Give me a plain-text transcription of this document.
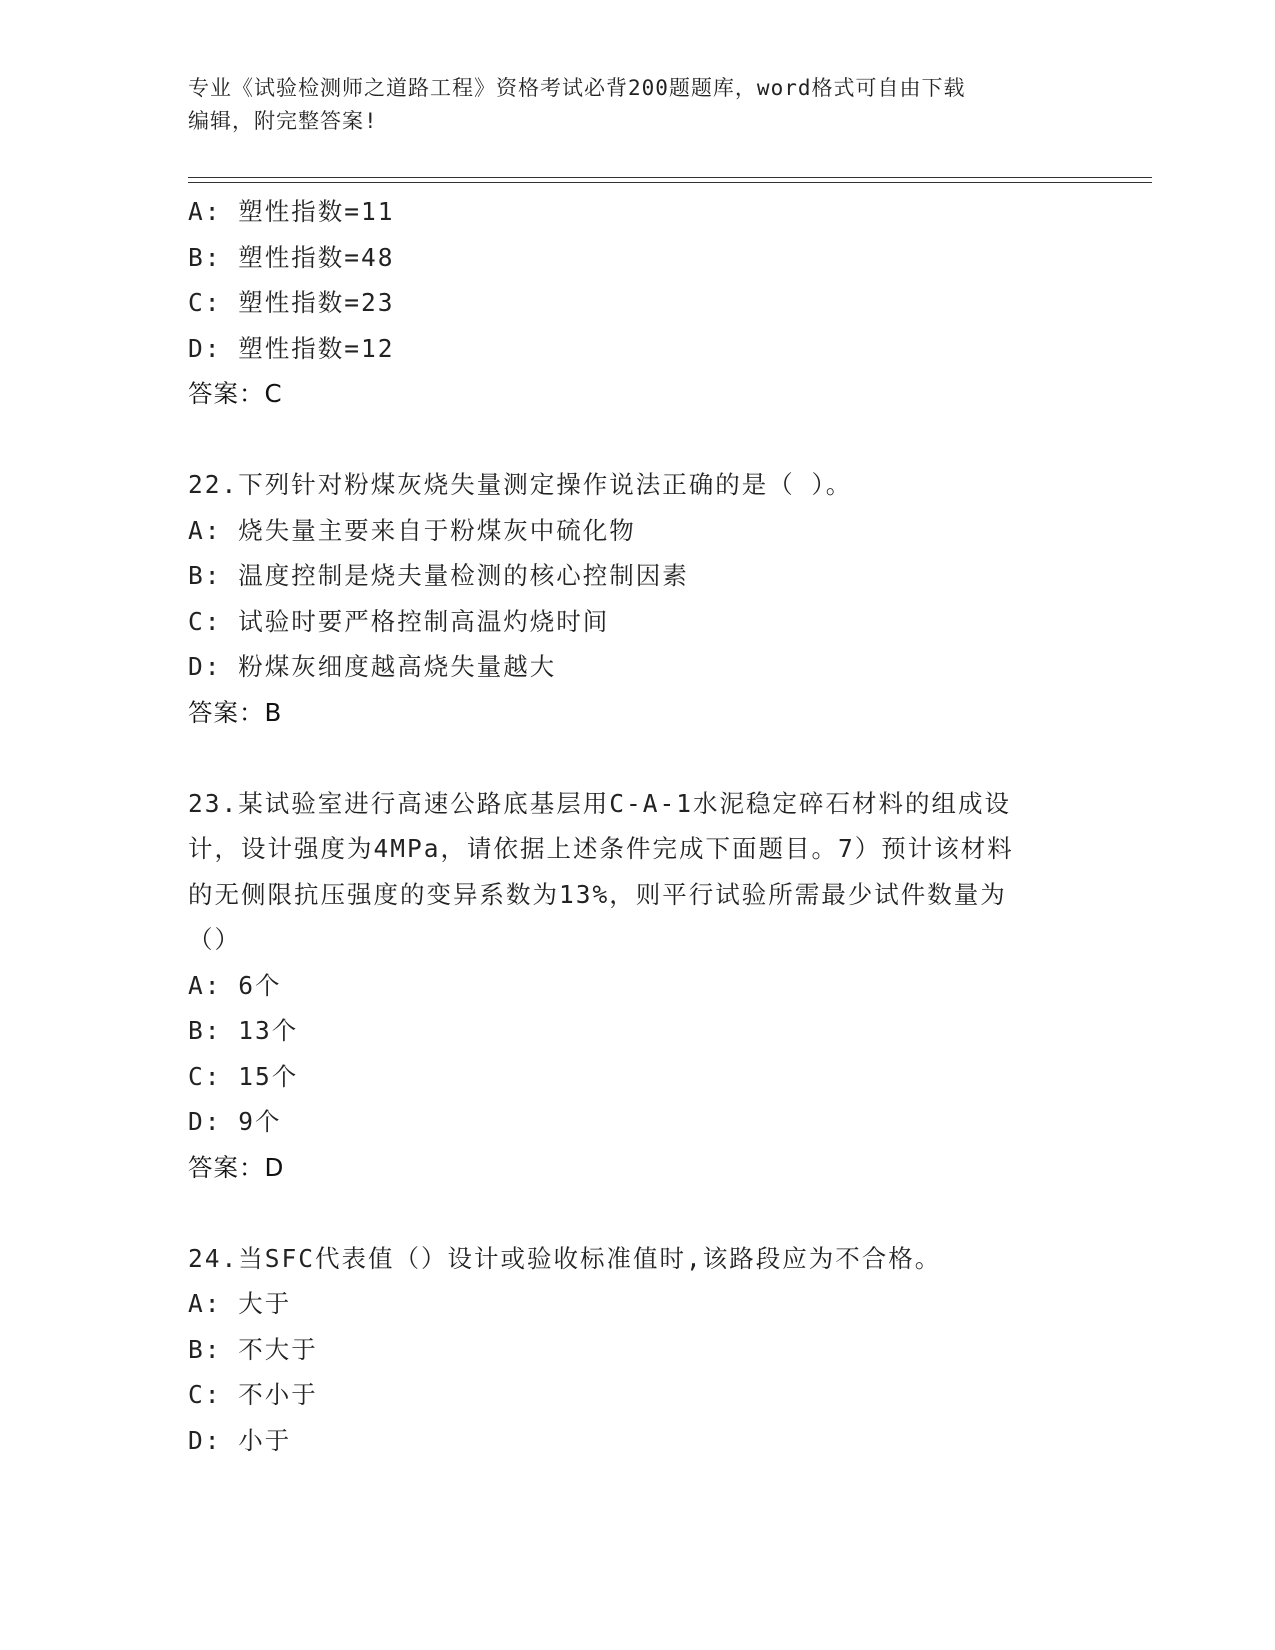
专业《试验检测师之道路工程》资格考试必背200题题库，word格式可自由下载
编辑，附完整答案!
A: 塑性指数=11
B: 塑性指数=48
C: 塑性指数=23
D: 塑性指数=12
答案：C
22.下列针对粉煤灰烧失量测定操作说法正确的是（ ）。
A: 烧失量主要来自于粉煤灰中硫化物
B: 温度控制是烧夫量检测的核心控制因素
C: 试验时要严格控制高温灼烧时间
D: 粉煤灰细度越高烧失量越大
答案：B
23.某试验室进行高速公路底基层用C-A-1水泥稳定碎石材料的组成设
计，设计强度为4MPa，请依据上述条件完成下面题目。7）预计该材料
的无侧限抗压强度的变异系数为13%，则平行试验所需最少试件数量为
（）
A: 6个
B: 13个
C: 15个
D: 9个
答案：D
24.当SFC代表值（）设计或验收标准值时,该路段应为不合格。
A: 大于
B: 不大于
C: 不小于
D: 小于
